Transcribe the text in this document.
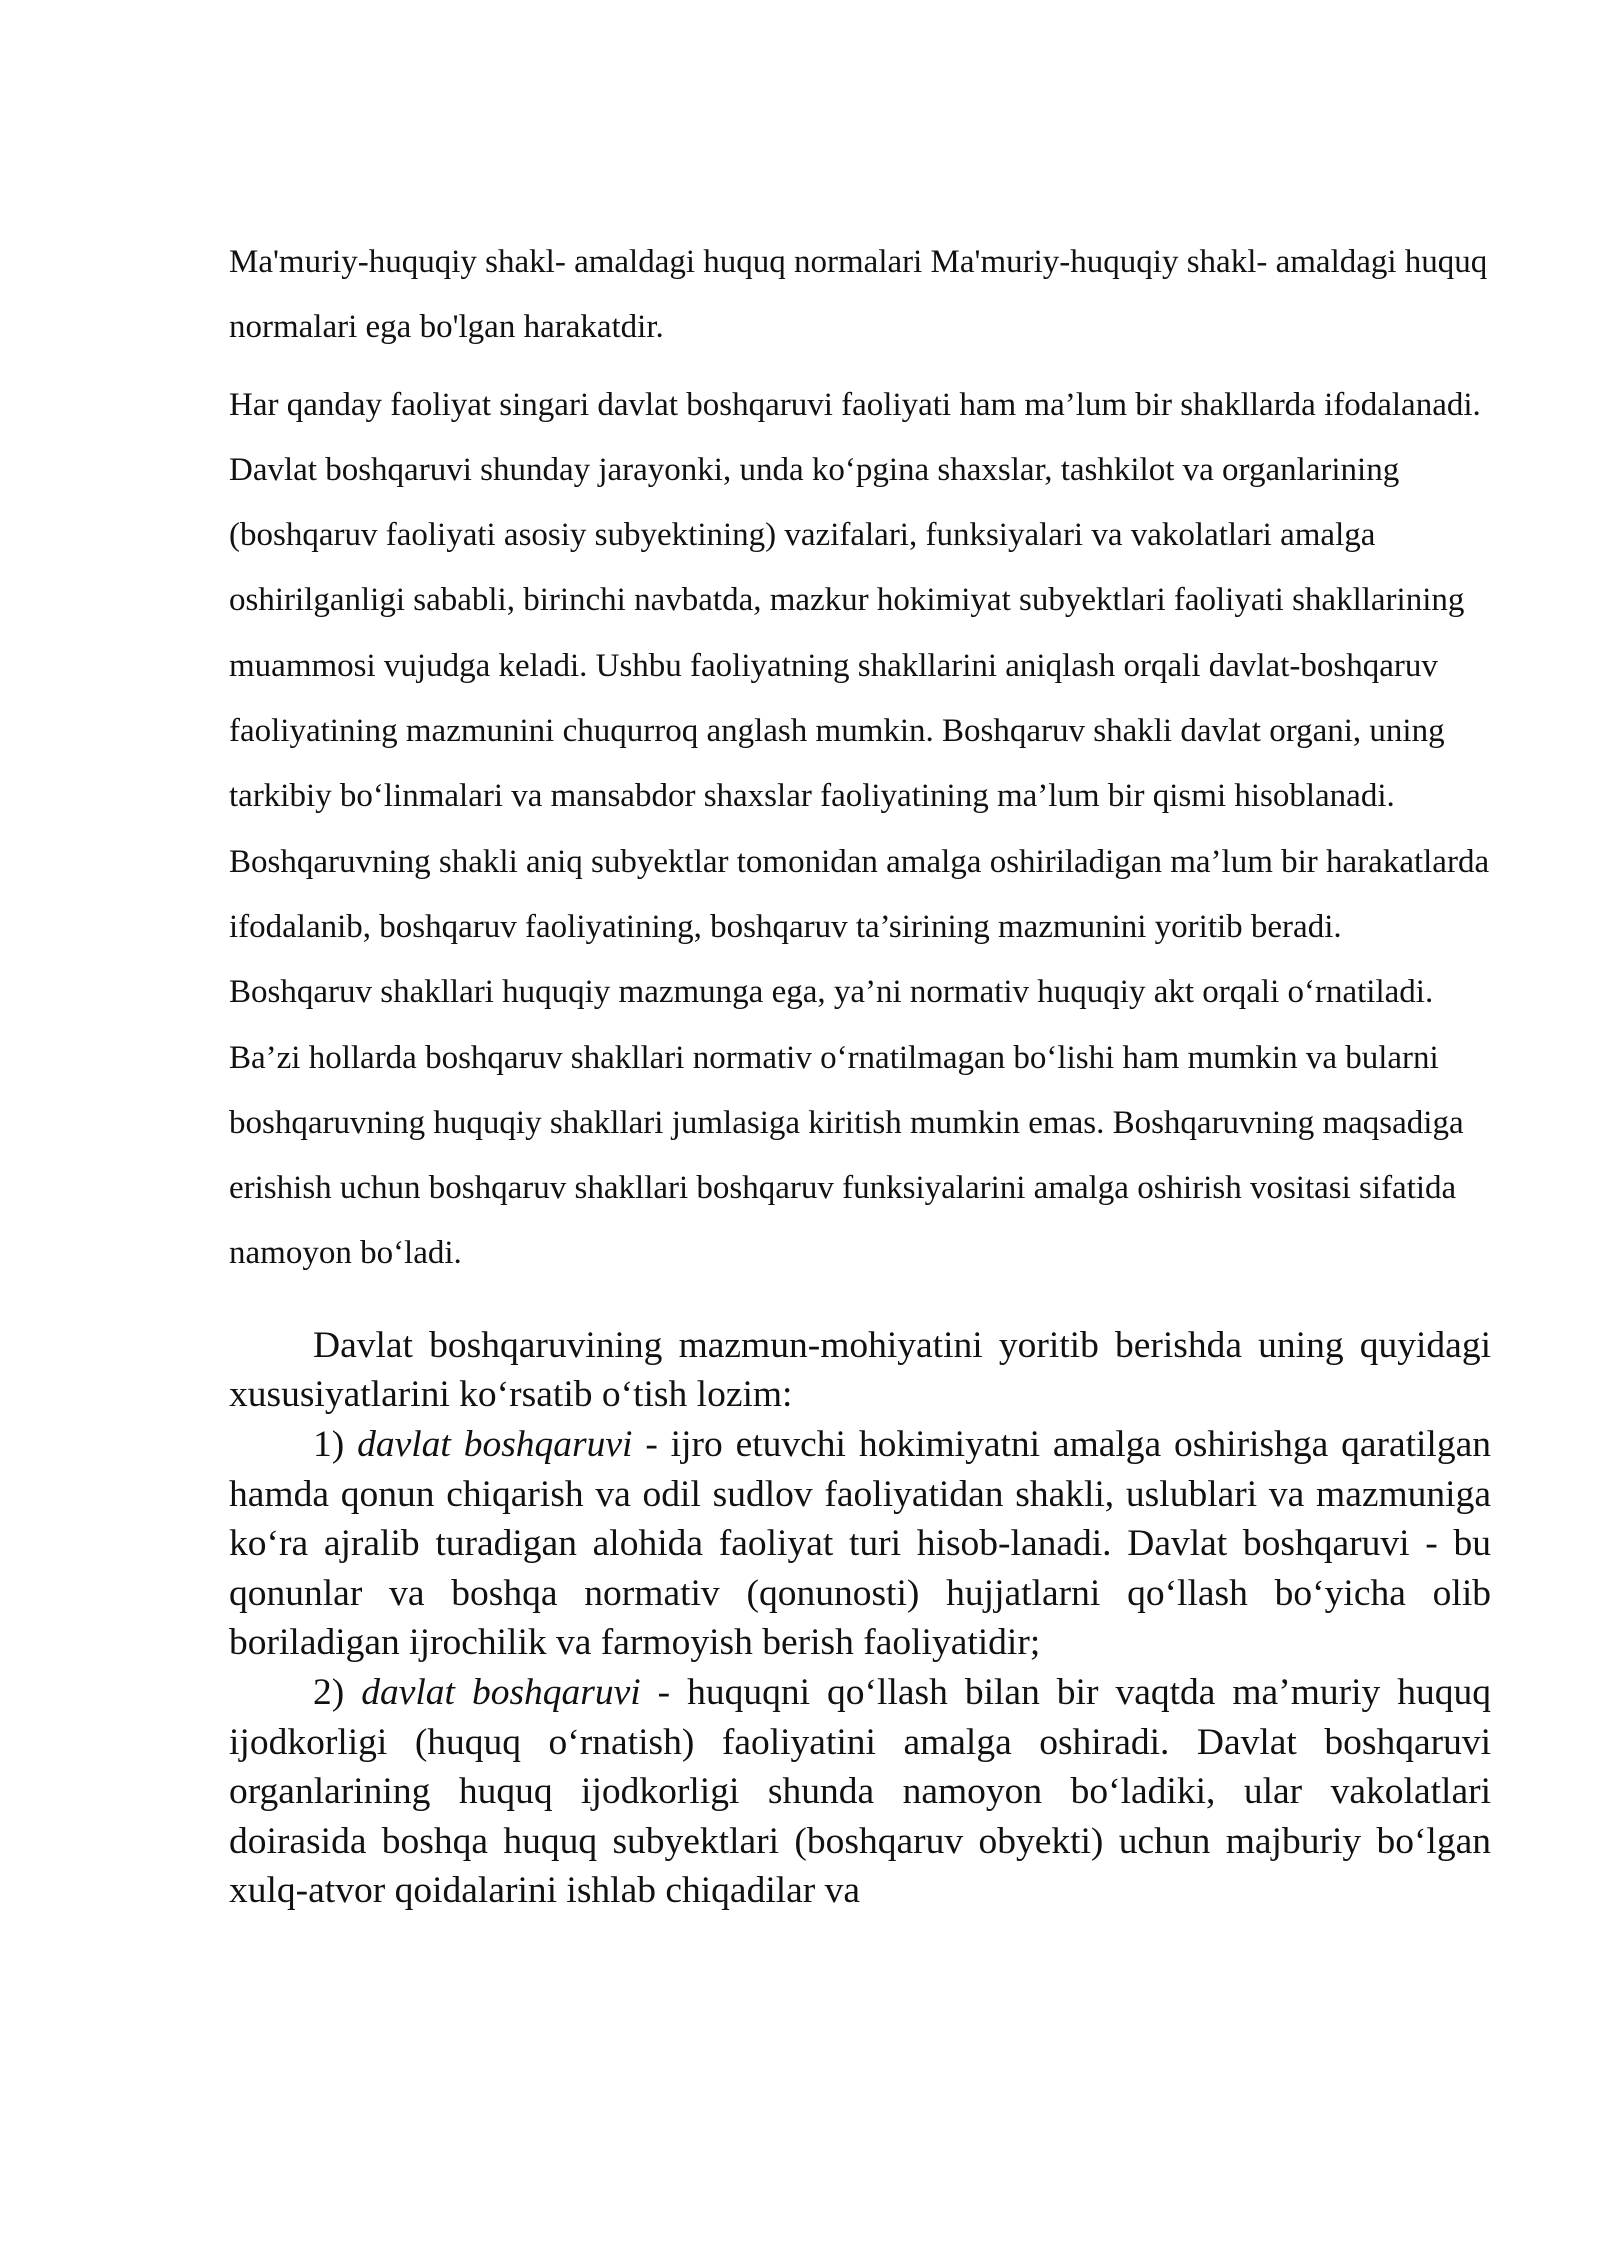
Ma'muriy-huquqiy shakl- amaldagi huquq normalari Ma'muriy-huquqiy shakl- amaldagi huquq normalari ega bo'lgan harakatdir.

Har qanday faoliyat singari davlat boshqaruvi faoliyati ham ma’lum bir shakllarda ifodalanadi. Davlat boshqaruvi shunday jarayonki, unda ko‘pgina shaxslar, tashkilot va organlarining (boshqaruv faoliyati asosiy subyektining) vazifalari, funksiyalari va vakolatlari amalga oshirilganligi sababli, birinchi navbatda, mazkur hokimiyat subyektlari faoliyati shakllarining muammosi vujudga keladi. Ushbu faoliyatning shakllarini aniqlash orqali davlat-boshqaruv faoliyatining mazmunini chuqurroq anglash mumkin. Boshqaruv shakli davlat organi, uning tarkibiy bo‘linmalari va mansabdor shaxslar faoliyatining ma’lum bir qismi hisoblanadi. Boshqaruvning shakli aniq subyektlar tomonidan amalga oshiriladigan ma’lum bir harakatlarda ifodalanib, boshqaruv faoliyatining, boshqaruv ta’sirining mazmunini yoritib beradi. Boshqaruv shakllari huquqiy mazmunga ega, ya’ni normativ huquqiy akt orqali o‘rnatiladi. Ba’zi hollarda boshqaruv shakllari normativ o‘rnatilmagan bo‘lishi ham mumkin va bularni boshqaruvning huquqiy shakllari jumlasiga kiritish mumkin emas. Boshqaruvning maqsadiga erishish uchun boshqaruv shakllari boshqaruv funksiyalarini amalga oshirish vositasi sifatida namoyon bo‘ladi.

Davlat boshqaruvining mazmun-mohiyatini yoritib berishda uning quyidagi xususiyatlarini ko‘rsatib o‘tish lozim:

1) davlat boshqaruvi - ijro etuvchi hokimiyatni amalga oshirishga qaratilgan hamda qonun chiqarish va odil sudlov faoliyatidan shakli, uslublari va mazmuniga ko‘ra ajralib turadigan alohida faoliyat turi hisob-lanadi. Davlat boshqaruvi - bu qonunlar va boshqa normativ (qonunosti) hujjatlarni qo‘llash bo‘yicha olib boriladigan ijrochilik va farmoyish berish faoliyatidir;

2) davlat boshqaruvi - huquqni qo‘llash bilan bir vaqtda ma’muriy huquq ijodkorligi (huquq o‘rnatish) faoliyatini amalga oshiradi. Davlat boshqaruvi organlarining huquq ijodkorligi shunda namoyon bo‘ladiki, ular vakolatlari doirasida boshqa huquq subyektlari (boshqaruv obyekti) uchun majburiy bo‘lgan xulq-atvor qoidalarini ishlab chiqadilar va
